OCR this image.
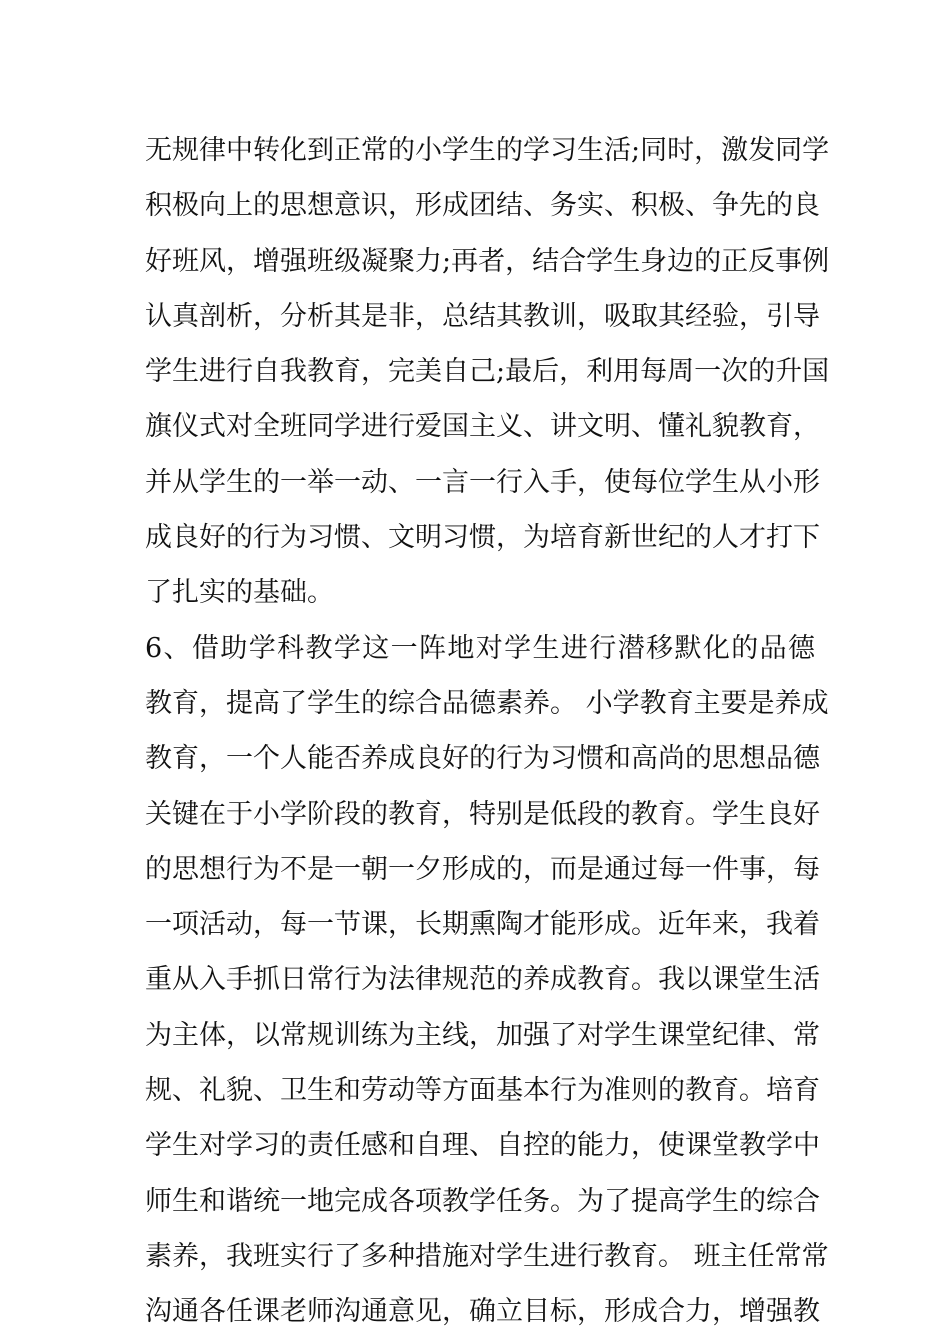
无规律中转化到正常的小学生的学习生活;同时，激发同学
积极向上的思想意识，形成团结、务实、积极、争先的良
好班风，增强班级凝聚力;再者，结合学生身边的正反事例
认真剖析，分析其是非，总结其教训，吸取其经验，引导
学生进行自我教育，完美自己;最后，利用每周一次的升国
旗仪式对全班同学进行爱国主义、讲文明、懂礼貌教育，
并从学生的一举一动、一言一行入手，使每位学生从小形
成良好的行为习惯、文明习惯，为培育新世纪的人才打下
了扎实的基础。
6、借助学科教学这一阵地对学生进行潜移默化的品德
教育，提高了学生的综合品德素养。 小学教育主要是养成
教育，一个人能否养成良好的行为习惯和高尚的思想品德
关键在于小学阶段的教育，特别是低段的教育。学生良好
的思想行为不是一朝一夕形成的，而是通过每一件事，每
一项活动，每一节课，长期熏陶才能形成。近年来，我着
重从入手抓日常行为法律规范的养成教育。我以课堂生活
为主体，以常规训练为主线，加强了对学生课堂纪律、常
规、礼貌、卫生和劳动等方面基本行为准则的教育。培育
学生对学习的责任感和自理、自控的能力，使课堂教学中
师生和谐统一地完成各项教学任务。为了提高学生的综合
素养，我班实行了多种措施对学生进行教育。 班主任常常
沟通各任课老师沟通意见，确立目标，形成合力，增强教
